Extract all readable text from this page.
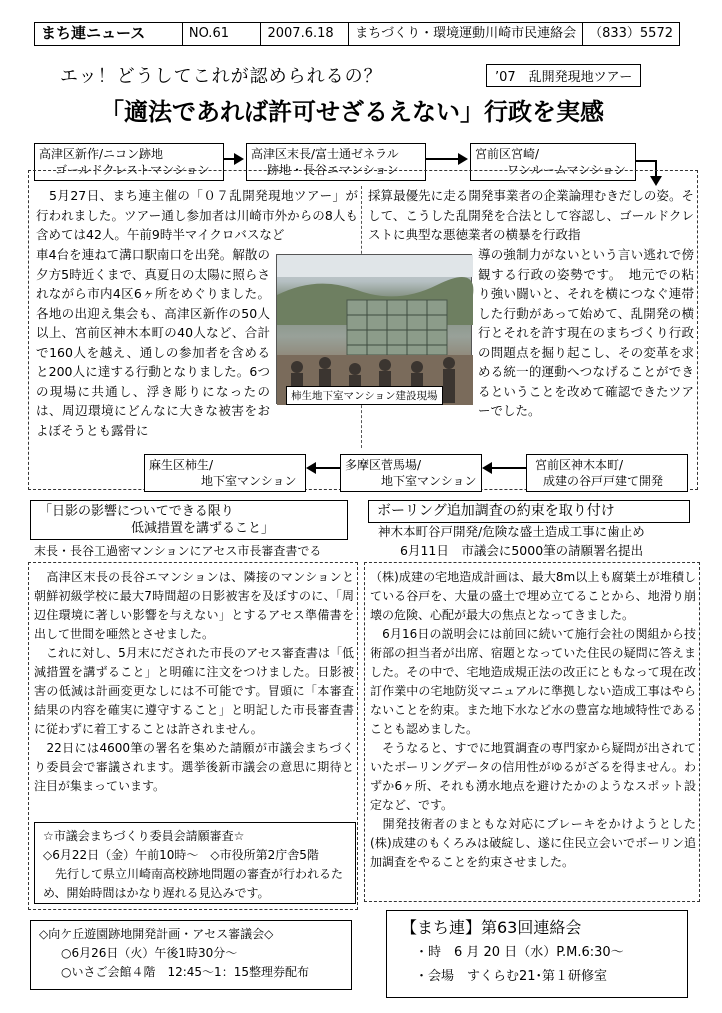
まち連ニュース	NO.61	2007.6.18	まちづくり・環境運動川崎市民連絡会	（833）5572
エッ！どうしてこれが認められるの？	’07　乱開発現地ツアー
「適法であれば許可せざるえない」行政を実感
高津区新作/ニコン跡地
ゴールドクレストマンション
高津区末長/富士通ゼネラル
跡地・長谷エマンション
宮前区宮崎/
ワンルームマンション
　5月27日、まち連主催の「０７乱開発現地ツアー」が行われました。ツアー通し参加者は川崎市外からの8人も含めては42人。午前9時半マイクロバスなど
車4台を連ねて溝口駅南口を出発。解散の夕方5時近くまで、真夏日の太陽に照らされながら市内4区6ヶ所をめぐりました。各地の出迎え集会も、高津区新作の50人以上、宮前区神木本町の40人など、合計で160人を越え、通しの参加者を含めると200人に達する行動となりました。6つの現場に共通し、浮き彫りになったのは、周辺環境にどんなに大きな被害をおよぼそうとも露骨に
採算最優先に走る開発事業者の企業論理むきだしの姿。そして、こうした乱開発を合法として容認し、ゴールドクレストに典型な悪徳業者の横暴を行政指
導の強制力がないという言い逃れで傍観する行政の姿勢です。　地元での粘り強い闘いと、それを横につなぐ連帯した行動があって始めて、乱開発の横行とそれを許す現在のまちづくり行政の問題点を掘り起こし、その変革を求める統一的運動へつなげることができるということを改めて確認できたツアーでした。
柿生地下室マンション建設現場
宮前区神木本町/
成建の谷戸戸建て開発
多摩区菅馬場/
地下室マンション
麻生区柿生/
地下室マンション
「日影の影響についてできる限り
低減措置を講ずること」
末長・長谷工過密マンションにアセス市長審査書でる
　高津区末長の長谷エマンションは、隣接のマンションと朝鮮初級学校に最大7時間超の日影被害を及ぼすのに、「周辺住環境に著しい影響を与えない」とするアセス準備書を出して世間を唖然とさせました。
　これに対し、5月末にだされた市長のアセス審査書は「低減措置を講ずること」と明確に注文をつけました。日影被害の低減は計画変更なしには不可能です。冒頭に「本審査結果の内容を確実に遵守すること」と明記した市長審査書に従わずに着工することは許されません。
　22日には4600筆の署名を集めた請願が市議会まちづくり委員会で審議されます。選挙後新市議会の意思に期待と注目が集まっています。
☆市議会まちづくり委員会請願審査☆
◇6月22日（金）午前10時～　◇市役所第2庁舎5階
　先行して県立川崎南高校跡地問題の審査が行われるため、開始時間はかなり遅れる見込みです。
ボーリング追加調査の約束を取り付け
神木本町谷戸開発/危険な盛土造成工事に歯止め
6月11日　市議会に5000筆の請願署名提出
（株)成建の宅地造成計画は、最大8m以上も腐葉土が堆積している谷戸を、大量の盛土で埋め立てることから、地滑り崩壊の危険、心配が最大の焦点となってきました。
　6月16日の説明会には前回に続いて施行会社の関組から技術部の担当者が出席、宿題となっていた住民の疑問に答えました。その中で、宅地造成規正法の改正にともなって現在改訂作業中の宅地防災マニュアルに準拠しない造成工事はやらないことを約束。また地下水など水の豊富な地域特性であることも認めました。
　そうなると、すでに地質調査の専門家から疑問が出されていたボーリングデータの信用性がゆるがざるを得ません。わずか6ヶ所、それも湧水地点を避けたかのようなスポット設定など、です。
　開発技術者のまともな対応にブレーキをかけようとした(株)成建のもくろみは破綻し、遂に住民立会いでボーリン追加調査をやることを約束させました。
◇向ケ丘遊園跡地開発計画・アセス審議会◇
○6月26日（火）午後1時30分～
○いさご会館４階　12:45～1：15整理券配布
【まち連】第63回連絡会
・時　6 月 20 日（水）P.M.6:30～
・会場　すくらむ21･第１研修室
